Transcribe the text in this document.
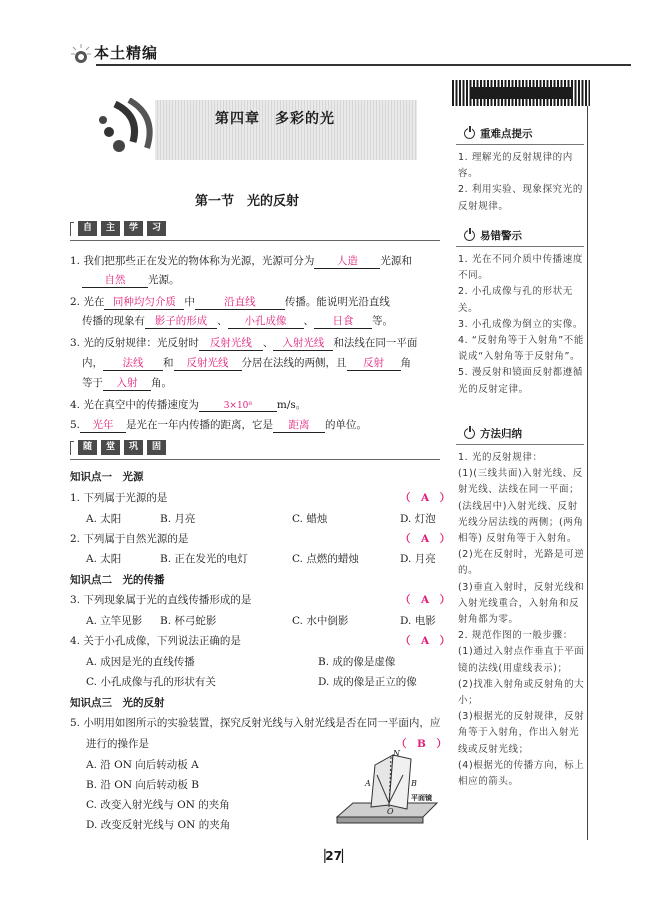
本土精编
第四章　多彩的光
第一节　光的反射
自	主	学	习
1. 我们把那些正在发光的物体称为光源，光源可分为 人造 光源和
自然 光源。
2. 光在 同种均匀介质 中	沿直线	传播。能说明光沿直线
传播的现象有 影子的形成 、 小孔成像 、 日食 等。
3. 光的反射规律：光反射时 反射光线 、 入射光线 和法线在同一平面
内， 法线 和 反射光线 分居在法线的两侧，且 反射 角
等于 入射 角。
4. 光在真空中的传播速度为	3×10⁸ m/s。
5. 光年 是光在一年内传播的距离，它是 距离 的单位。
随	堂	巩	固
知识点一　光源
1. 下列属于光源的是	（　A　）
A. 太阳	B. 月亮	C. 蜡烛	D. 灯泡
2. 下列属于自然光源的是	（　A　）
A. 太阳	B. 正在发光的电灯	C. 点燃的蜡烛	D. 月亮
知识点二　光的传播
3. 下列现象属于光的直线传播形成的是	（　A　）
A. 立竿见影 B. 杯弓蛇影	C. 水中倒影	D. 电影
4. 关于小孔成像，下列说法正确的是	（　A　）
A. 成因是光的直线传播	B. 成的像是虚像
C. 小孔成像与孔的形状有关	D. 成的像是正立的像
知识点三　光的反射
5. 小明用如图所示的实验装置，探究反射光线与入射光线是否在同一平面内，应
进行的操作是	（　B　）
A. 沿 ON 向后转动板 A
B. 沿 ON 向后转动板 B
C. 改变入射光线与 ON 的夹角
D. 改变反射光线与 ON 的夹角
N
O
A	B
平面镜
重难点提示
1. 理解光的反射规律的内容。
2. 利用实验、现象探究光的反射规律。
易错警示
1. 光在不同介质中传播速度不同。
2. 小孔成像与孔的形状无关。
3. 小孔成像为倒立的实像。
4. “反射角等于入射角”不能说成“入射角等于反射角”。
5. 漫反射和镜面反射都遵循光的反射定律。
方法归纳
1. 光的反射规律：
(1)(三线共面)入射光线、反射光线、法线在同一平面；(法线居中)入射光线、反射光线分居法线的两侧；(两角相等) 反射角等于入射角。
(2)光在反射时，光路是可逆的。
(3)垂直入射时，反射光线和入射光线重合，入射角和反射角都为零。
2. 规范作图的一般步骤：
(1)通过入射点作垂直于平面镜的法线(用虚线表示)；
(2)找准入射角或反射角的大小；
(3)根据光的反射规律，反射角等于入射角，作出入射光线或反射光线；
(4)根据光的传播方向，标上相应的箭头。
▕27▏
